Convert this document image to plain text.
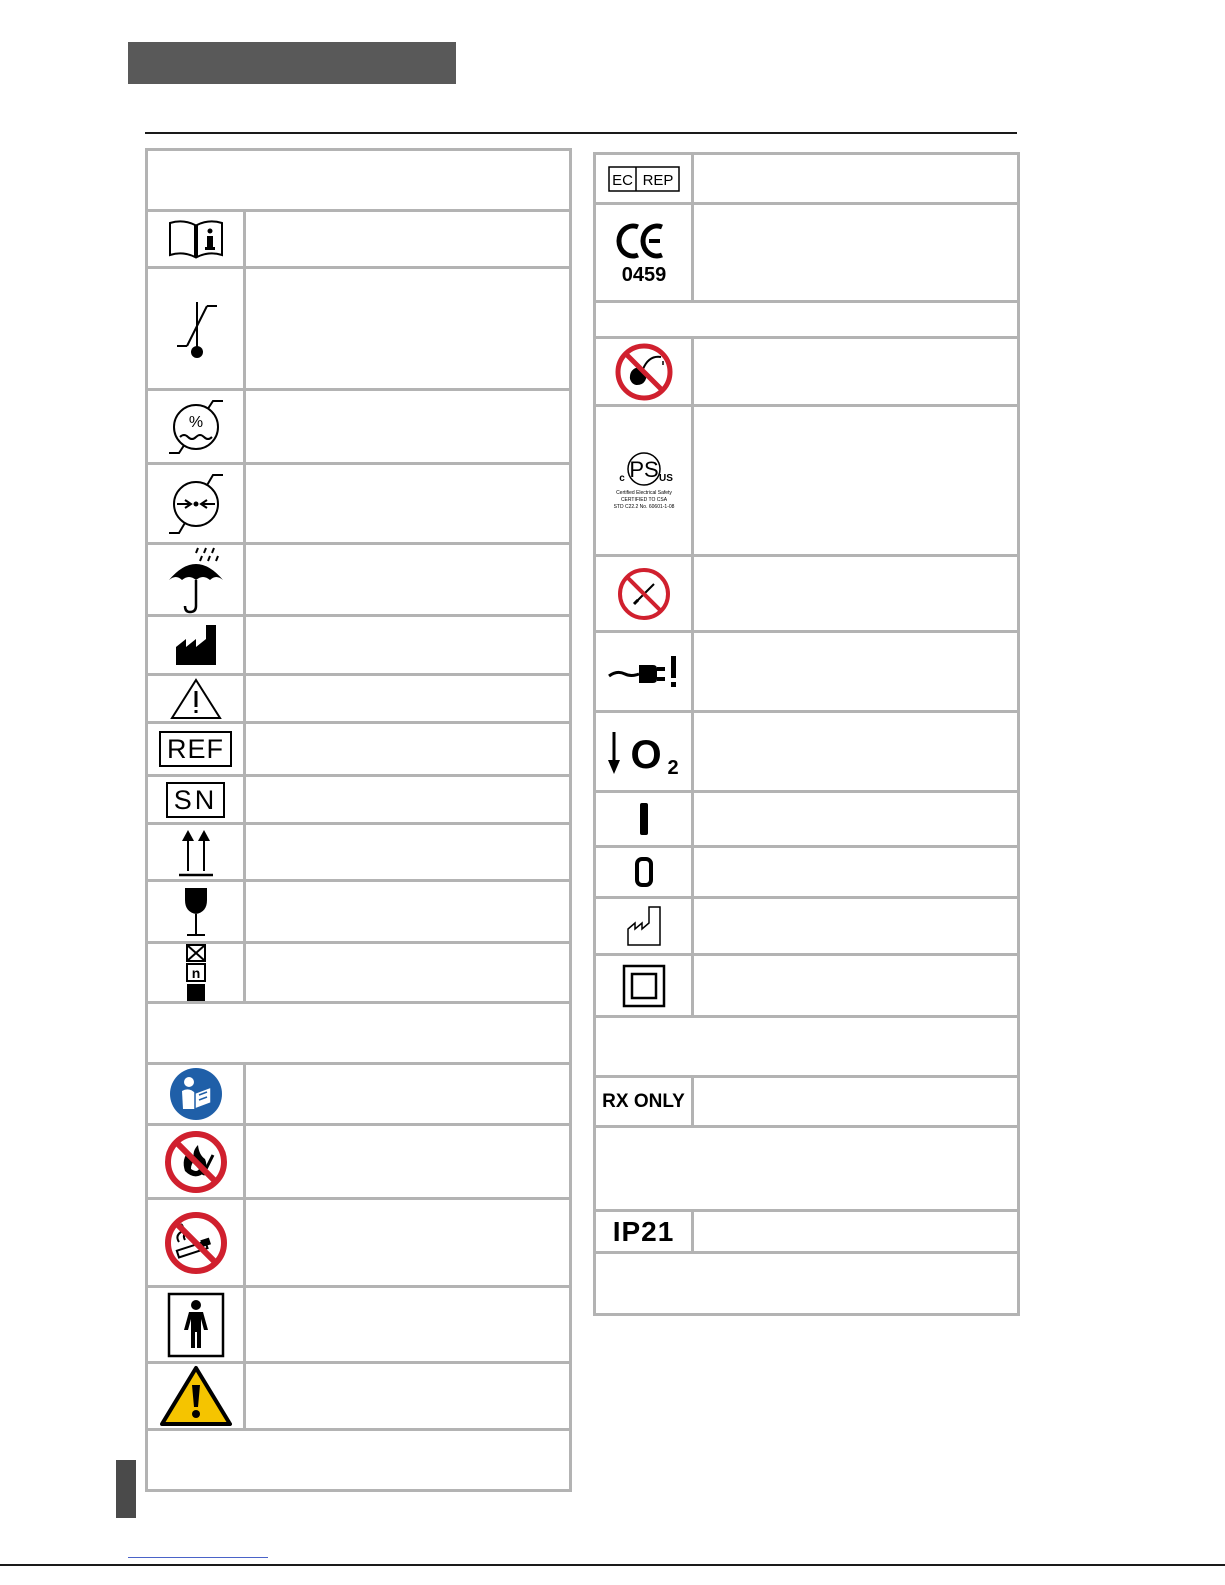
%
REF
SN
n
EC REP
0459
PS
c	US
Certified Electrical Safety
CERTIFIED TO CSA
STD C22.2 No. 60601-1-08
O 2
RX ONLY
IP21
